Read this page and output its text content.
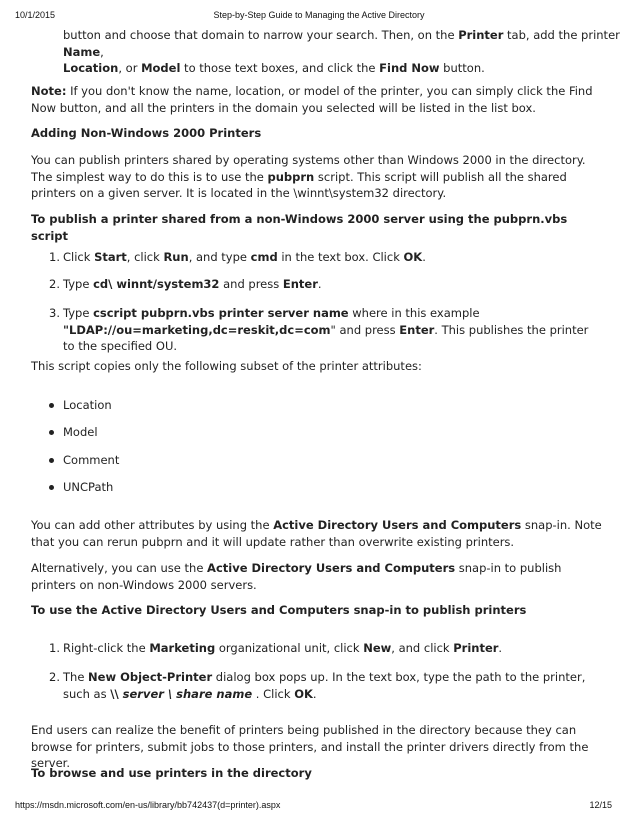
10/1/2015	Step-by-Step Guide to Managing the Active Directory

button and choose that domain to narrow your search. Then, on the Printer tab, add the printer Name,
Location, or Model to those text boxes, and click the Find Now button.

Note: If you don't know the name, location, or model of the printer, you can simply click the Find Now button, and all the printers in the domain you selected will be listed in the list box.

Adding Non-Windows 2000 Printers

You can publish printers shared by operating systems other than Windows 2000 in the directory. The simplest way to do this is to use the pubprn script. This script will publish all the shared printers on a given server. It is located in the \winnt\system32 directory.

To publish a printer shared from a non-Windows 2000 server using the pubprn.vbs script

1. Click Start, click Run, and type cmd in the text box. Click OK.
2. Type cd\ winnt/system32 and press Enter.
3. Type cscript pubprn.vbs printer server name where in this example
"LDAP://ou=marketing,dc=reskit,dc=com" and press Enter. This publishes the printer to the specified OU.

This script copies only the following subset of the printer attributes:

Location
Model
Comment
UNCPath

You can add other attributes by using the Active Directory Users and Computers snap-in. Note that you can rerun pubprn and it will update rather than overwrite existing printers.

Alternatively, you can use the Active Directory Users and Computers snap-in to publish printers on non-Windows 2000 servers.

To use the Active Directory Users and Computers snap-in to publish printers

1. Right-click the Marketing organizational unit, click New, and click Printer.
2. The New Object-Printer dialog box pops up. In the text box, type the path to the printer, such as \\ server \ share name . Click OK.

End users can realize the benefit of printers being published in the directory because they can browse for printers, submit jobs to those printers, and install the printer drivers directly from the server.

To browse and use printers in the directory

https://msdn.microsoft.com/en-us/library/bb742437(d=printer).aspx	12/15
